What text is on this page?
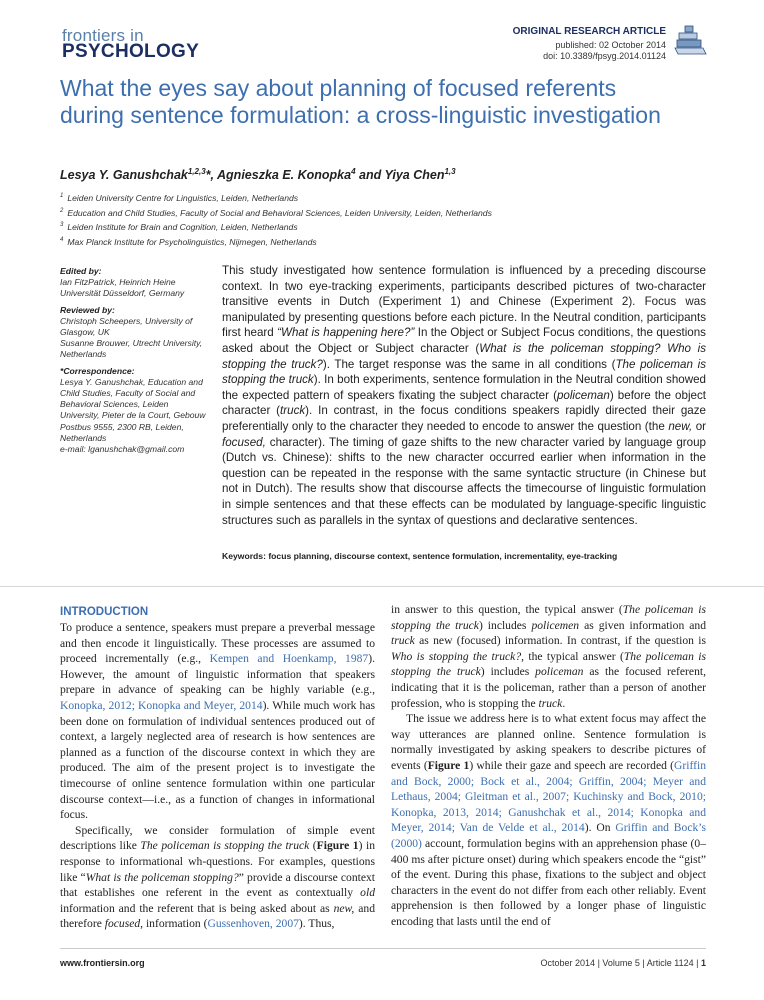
frontiers in
PSYCHOLOGY
ORIGINAL RESEARCH ARTICLE
published: 02 October 2014
doi: 10.3389/fpsyg.2014.01124
What the eyes say about planning of focused referents during sentence formulation: a cross-linguistic investigation
Lesya Y. Ganushchak$^{1,2,3}$*, Agnieszka E. Konopka$^4$ and Yiya Chen$^{1,3}$
$^1$ Leiden University Centre for Linguistics, Leiden, Netherlands
$^2$ Education and Child Studies, Faculty of Social and Behavioral Sciences, Leiden University, Leiden, Netherlands
$^3$ Leiden Institute for Brain and Cognition, Leiden, Netherlands
$^4$ Max Planck Institute for Psycholinguistics, Nijmegen, Netherlands
Edited by:
Ian FitzPatrick, Heinrich Heine Universität Düsseldorf, Germany
Reviewed by:
Christoph Scheepers, University of Glasgow, UK
Susanne Brouwer, Utrecht University, Netherlands
*Correspondence:
Lesya Y. Ganushchak, Education and Child Studies, Faculty of Social and Behavioral Sciences, Leiden University, Pieter de la Court, Gebouw Postbus 9555, 2300 RB, Leiden, Netherlands
e-mail: lganushchak@gmail.com
This study investigated how sentence formulation is influenced by a preceding discourse context. In two eye-tracking experiments, participants described pictures of two-character transitive events in Dutch (Experiment 1) and Chinese (Experiment 2). Focus was manipulated by presenting questions before each picture. In the Neutral condition, participants first heard “What is happening here?” In the Object or Subject Focus conditions, the questions asked about the Object or Subject character (What is the policeman stopping? Who is stopping the truck?). The target response was the same in all conditions (The policeman is stopping the truck). In both experiments, sentence formulation in the Neutral condition showed the expected pattern of speakers fixating the subject character (policeman) before the object character (truck). In contrast, in the focus conditions speakers rapidly directed their gaze preferentially only to the character they needed to encode to answer the question (the new, or focused, character). The timing of gaze shifts to the new character varied by language group (Dutch vs. Chinese): shifts to the new character occurred earlier when information in the question can be repeated in the response with the same syntactic structure (in Chinese but not in Dutch). The results show that discourse affects the timecourse of linguistic formulation in simple sentences and that these effects can be modulated by language-specific linguistic structures such as parallels in the syntax of questions and declarative sentences.
Keywords: focus planning, discourse context, sentence formulation, incrementality, eye-tracking
INTRODUCTION

To produce a sentence, speakers must prepare a preverbal message and then encode it linguistically. These processes are assumed to proceed incrementally (e.g., Kempen and Hoenkamp, 1987). However, the amount of linguistic information that speakers prepare in advance of speaking can be highly variable (e.g., Konopka, 2012; Konopka and Meyer, 2014). While much work has been done on formulation of individual sentences produced out of context, a largely neglected area of research is how sentences are planned as a function of the discourse context in which they are produced. The aim of the present project is to investigate the timecourse of online sentence formulation within one particular discourse context—i.e., as a function of changes in informational focus.

Specifically, we consider formulation of simple event descriptions like The policeman is stopping the truck (Figure 1) in response to informational wh-questions. For examples, questions like “What is the policeman stopping?” provide a discourse context that establishes one referent in the event as contextually old information and the referent that is being asked about as new, and therefore focused, information (Gussenhoven, 2007). Thus,

in answer to this question, the typical answer (The policeman is stopping the truck) includes policemen as given information and truck as new (focused) information. In contrast, if the question is Who is stopping the truck?, the typical answer (The policeman is stopping the truck) includes policeman as the focused referent, indicating that it is the policeman, rather than a person of another profession, who is stopping the truck.

The issue we address here is to what extent focus may affect the way utterances are planned online. Sentence formulation is normally investigated by asking speakers to describe pictures of events (Figure 1) while their gaze and speech are recorded (Griffin and Bock, 2000; Bock et al., 2004; Griffin, 2004; Meyer and Lethaus, 2004; Gleitman et al., 2007; Kuchinsky and Bock, 2010; Konopka, 2013, 2014; Ganushchak et al., 2014; Konopka and Meyer, 2014; Van de Velde et al., 2014). On Griffin and Bock’s (2000) account, formulation begins with an apprehension phase (0–400 ms after picture onset) during which speakers encode the “gist” of the event. During this phase, fixations to the subject and object characters in the event do not differ from each other reliably. Event apprehension is then followed by a longer phase of linguistic encoding that lasts until the end of

www.frontiersin.org	October 2014 | Volume 5 | Article 1124 | 1
